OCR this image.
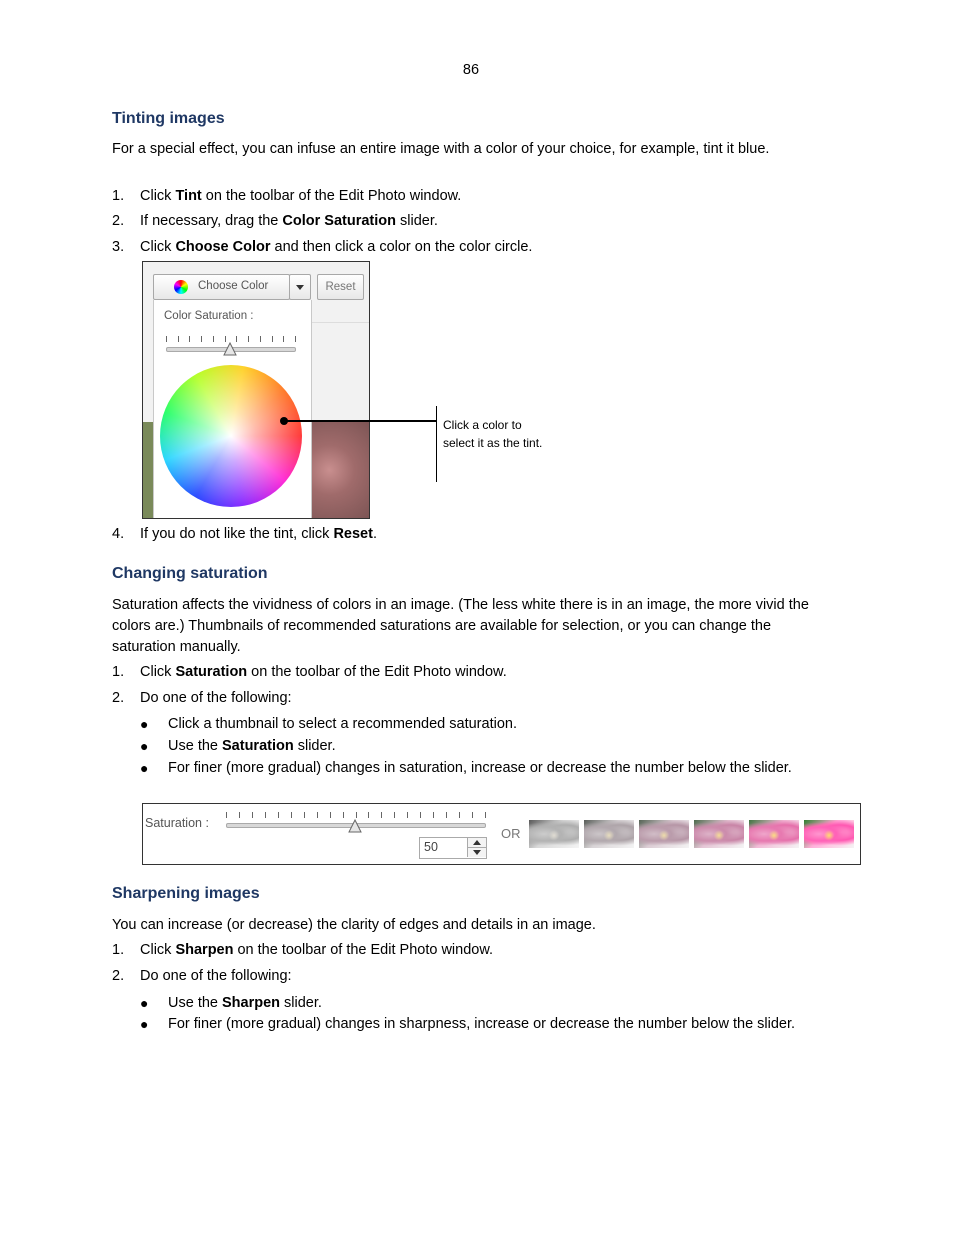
86
Tinting images
For a special effect, you can infuse an entire image with a color of your choice, for example, tint it blue.
1. Click Tint on the toolbar of the Edit Photo window.
2. If necessary, drag the Color Saturation slider.
3. Click Choose Color and then click a color on the color circle.
Color Saturation :
Choose Color	Reset
Click a color to select it as the tint.
4. If you do not like the tint, click Reset.
Changing saturation
Saturation affects the vividness of colors in an image. (The less white there is in an image, the more vivid the colors are.) Thumbnails of recommended saturations are available for selection, or you can change the saturation manually.
1. Click Saturation on the toolbar of the Edit Photo window.
2. Do one of the following:
● Click a thumbnail to select a recommended saturation.
● Use the Saturation slider.
● For finer (more gradual) changes in saturation, increase or decrease the number below the slider.
Saturation :
50
OR
Sharpening images
You can increase (or decrease) the clarity of edges and details in an image.
1. Click Sharpen on the toolbar of the Edit Photo window.
2. Do one of the following:
● Use the Sharpen slider.
● For finer (more gradual) changes in sharpness, increase or decrease the number below the slider.
